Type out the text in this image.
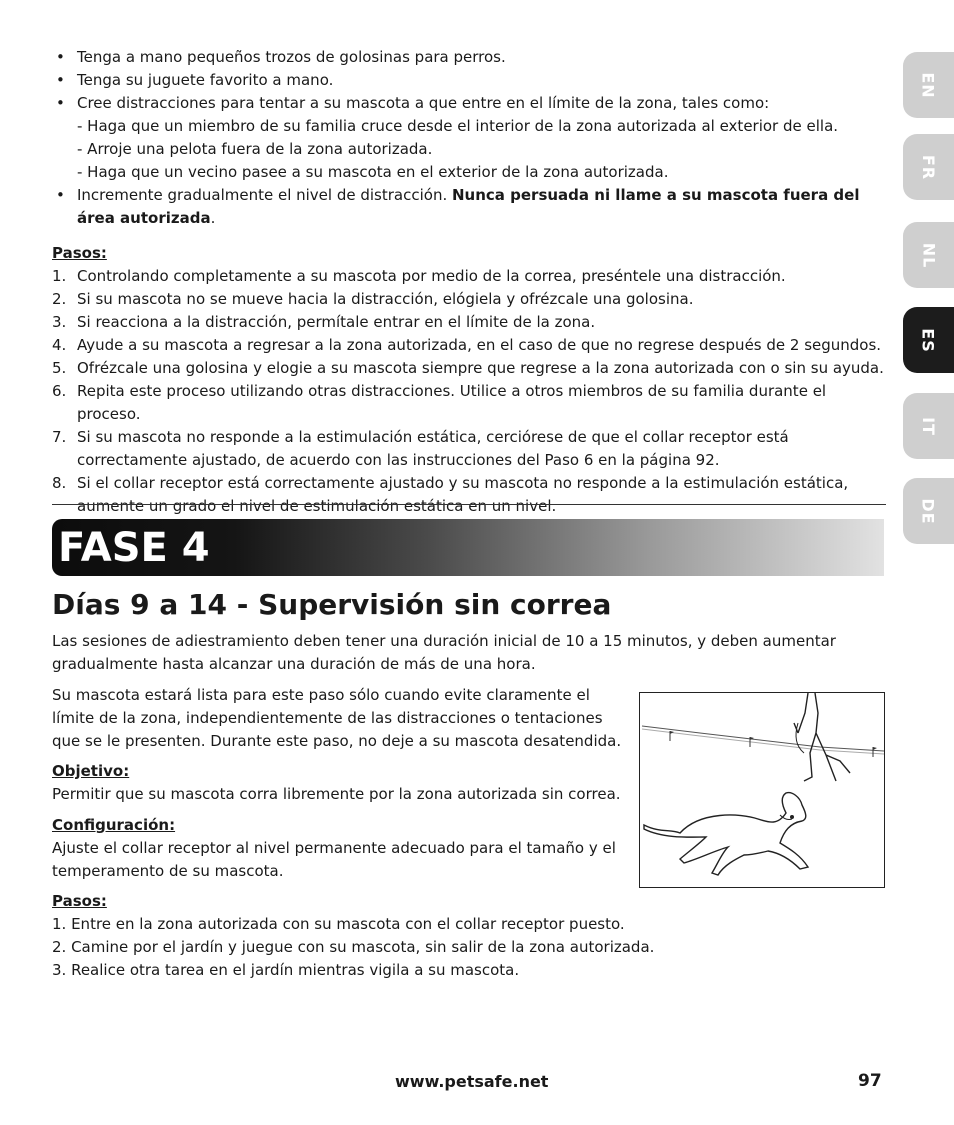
• Tenga a mano pequeños trozos de golosinas para perros.
• Tenga su juguete favorito a mano.
• Cree distracciones para tentar a su mascota a que entre en el límite de la zona, tales como:
- Haga que un miembro de su familia cruce desde el interior de la zona autorizada al exterior de ella.
- Arroje una pelota fuera de la zona autorizada.
- Haga que un vecino pasee a su mascota en el exterior de la zona autorizada.
• Incremente gradualmente el nivel de distracción. Nunca persuada ni llame a su mascota fuera del área autorizada.
Pasos:
1. Controlando completamente a su mascota por medio de la correa, preséntele una distracción.
2. Si su mascota no se mueve hacia la distracción, elógiela y ofrézcale una golosina.
3. Si reacciona a la distracción, permítale entrar en el límite de la zona.
4. Ayude a su mascota a regresar a la zona autorizada, en el caso de que no regrese después de 2 segundos.
5. Ofrézcale una golosina y elogie a su mascota siempre que regrese a la zona autorizada con o sin su ayuda.
6. Repita este proceso utilizando otras distracciones. Utilice a otros miembros de su familia durante el proceso.
7. Si su mascota no responde a la estimulación estática, cerciórese de que el collar receptor está correctamente ajustado, de acuerdo con las instrucciones del Paso 6 en la página 92.
8. Si el collar receptor está correctamente ajustado y su mascota no responde a la estimulación estática, aumente un grado el nivel de estimulación estática en un nivel.
FASE 4
Días 9 a 14 - Supervisión sin correa
Las sesiones de adiestramiento deben tener una duración inicial de 10 a 15 minutos, y deben aumentar gradualmente hasta alcanzar una duración de más de una hora.
Su mascota estará lista para este paso sólo cuando evite claramente el límite de la zona, independientemente de las distracciones o tentaciones que se le presenten. Durante este paso, no deje a su mascota desatendida.
Objetivo:
Permitir que su mascota corra libremente por la zona autorizada sin correa.
Configuración:
Ajuste el collar receptor al nivel permanente adecuado para el tamaño y el temperamento de su mascota.
Pasos:
1. Entre en la zona autorizada con su mascota con el collar receptor puesto.
2. Camine por el jardín y juegue con su mascota, sin salir de la zona autorizada.
3. Realice otra tarea en el jardín mientras vigila a su mascota.
EN
FR
NL
ES
IT
DE
www.petsafe.net	97
